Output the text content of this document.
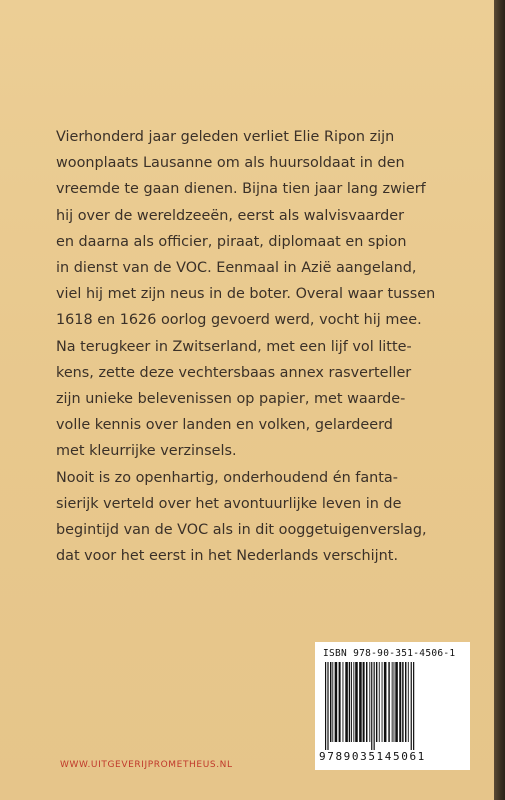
Vierhonderd jaar geleden verliet Elie Ripon zijn
woonplaats Lausanne om als huursoldaat in den
vreemde te gaan dienen. Bijna tien jaar lang zwierf
hij over de wereldzeeën, eerst als walvisvaarder
en daarna als officier, piraat, diplomaat en spion
in dienst van de VOC. Eenmaal in Azië aangeland,
viel hij met zijn neus in de boter. Overal waar tussen
1618 en 1626 oorlog gevoerd werd, vocht hij mee.
Na terugkeer in Zwitserland, met een lijf vol litte-
kens, zette deze vechtersbaas annex rasverteller
zijn unieke belevenissen op papier, met waarde-
volle kennis over landen en volken, gelardeerd
met kleurrijke verzinsels.

Nooit is zo openhartig, onderhoudend én fanta-
sierijk verteld over het avontuurlijke leven in de
begintijd van de VOC als in dit ooggetuigenverslag,
dat voor het eerst in het Nederlands verschijnt.

ISBN 978-90-351-4506-1
9789035145061
WWW.UITGEVERIJPROMETHEUS.NL
